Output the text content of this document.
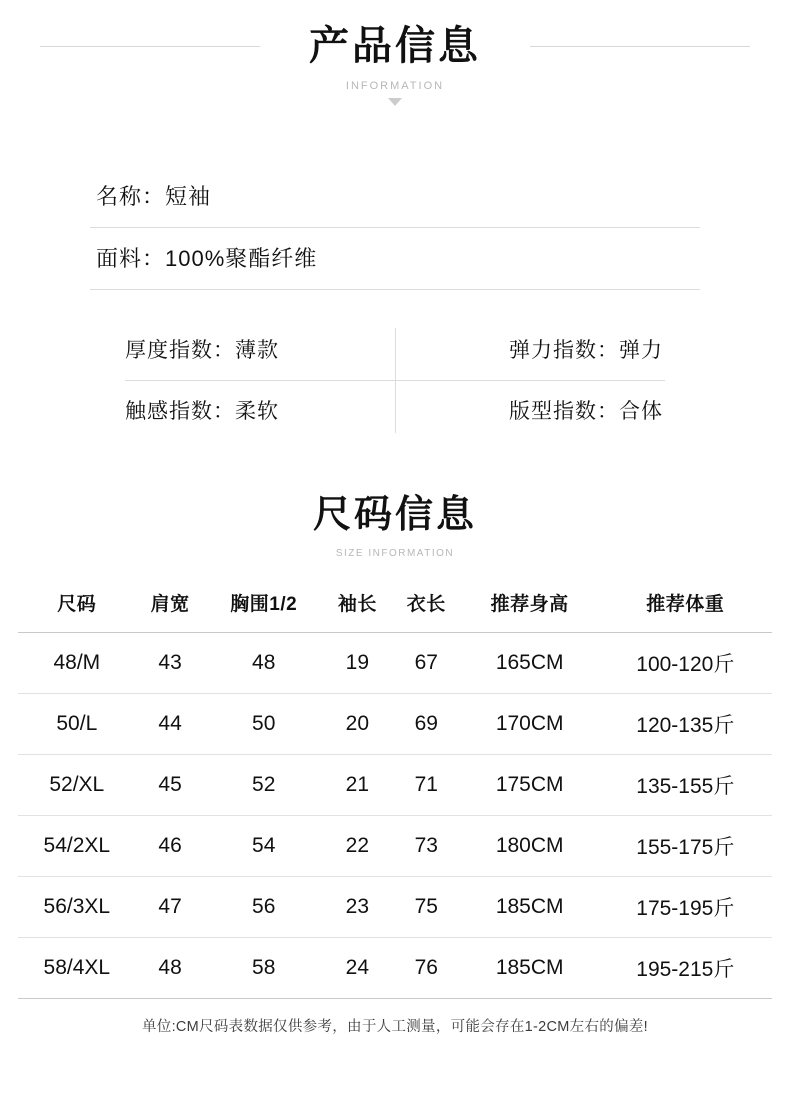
产品信息
INFORMATION
名称：短袖
面料：100%聚酯纤维
厚度指数：薄款	弹力指数：弹力
触感指数：柔软	版型指数：合体
尺码信息
SIZE INFORMATION
尺码	肩宽	胸围1/2	袖长	衣长	推荐身高	推荐体重
48/M	43	48	19	67	165CM	100-120斤
50/L	44	50	20	69	170CM	120-135斤
52/XL	45	52	21	71	175CM	135-155斤
54/2XL	46	54	22	73	180CM	155-175斤
56/3XL	47	56	23	75	185CM	175-195斤
58/4XL	48	58	24	76	185CM	195-215斤
单位:CM尺码表数据仅供参考，由于人工测量，可能会存在1-2CM左右的偏差!
